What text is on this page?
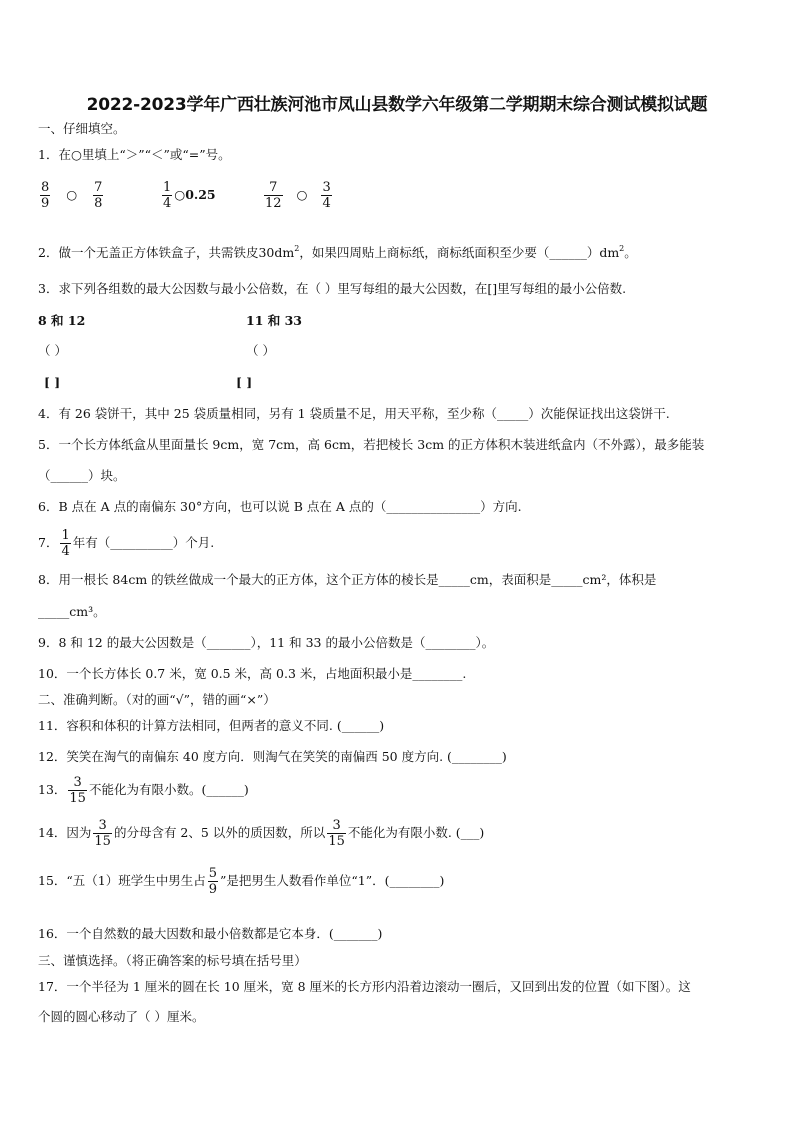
2022-2023学年广西壮族河池市凤山县数学六年级第二学期期末综合测试模拟试题
一、仔细填空。
1．在○里填上“＞”“＜”或“=”号。
$\frac{8}{9}$ ○ $\frac{7}{8}$	$\frac{1}{4}$ ○0.25	$\frac{7}{12}$ ○ $\frac{3}{4}$
2．做一个无盖正方体铁盒子，共需铁皮$30dm^2$，如果四周贴上商标纸，商标纸面积至少要$(\_\_\_\_\_\_)dm^2$。
3．求下列各组数的最大公因数与最小公倍数，在（ ）里写每组的最大公因数，在[]里写每组的最小公倍数.
8 和 12	11 和 33
（ ）	（ ）
[ ]	[ ]
4．有 26 袋饼干，其中 25 袋质量相同，另有 1 袋质量不足，用天平称，至少称（_____）次能保证找出这袋饼干.
5．一个长方体纸盒从里面量长 9cm，宽 7cm，高 6cm，若把棱长 3cm 的正方体积木装进纸盒内（不外露），最多能装
（______）块。
6．B 点在 A 点的南偏东 30°方向，也可以说 B 点在 A 点的（_______________）方向.
7． $\frac{1}{4}$ 年有（__________）个月.
8．用一根长 84cm 的铁丝做成一个最大的正方体，这个正方体的棱长是_____cm，表面积是_____cm²，体积是
_____cm³。
9．8 和 12 的最大公因数是（_______），11 和 33 的最小公倍数是（________）。
10．一个长方体长 0.7 米，宽 0.5 米，高 0.3 米，占地面积最小是________.
二、准确判断。（对的画“√”，错的画“×”）
11．容积和体积的计算方法相同，但两者的意义不同. (______)
12．笑笑在淘气的南偏东 40 度方向．则淘气在笑笑的南偏西 50 度方向. (________)
13． $\frac{3}{15}$ 不能化为有限小数。(______)
14．因为 $\frac{3}{15}$ 的分母含有 2、5 以外的质因数，所以 $\frac{3}{15}$ 不能化为有限小数. (___)
15．“五（1）班学生中男生占 $\frac{5}{9}$ ”是把男生人数看作单位“1”．(________)
16．一个自然数的最大因数和最小倍数都是它本身．(_______)
三、谨慎选择。（将正确答案的标号填在括号里）
17．一个半径为 1 厘米的圆在长 10 厘米，宽 8 厘米的长方形内沿着边滚动一圈后，又回到出发的位置（如下图）。这
个圆的圆心移动了（ ）厘米。
